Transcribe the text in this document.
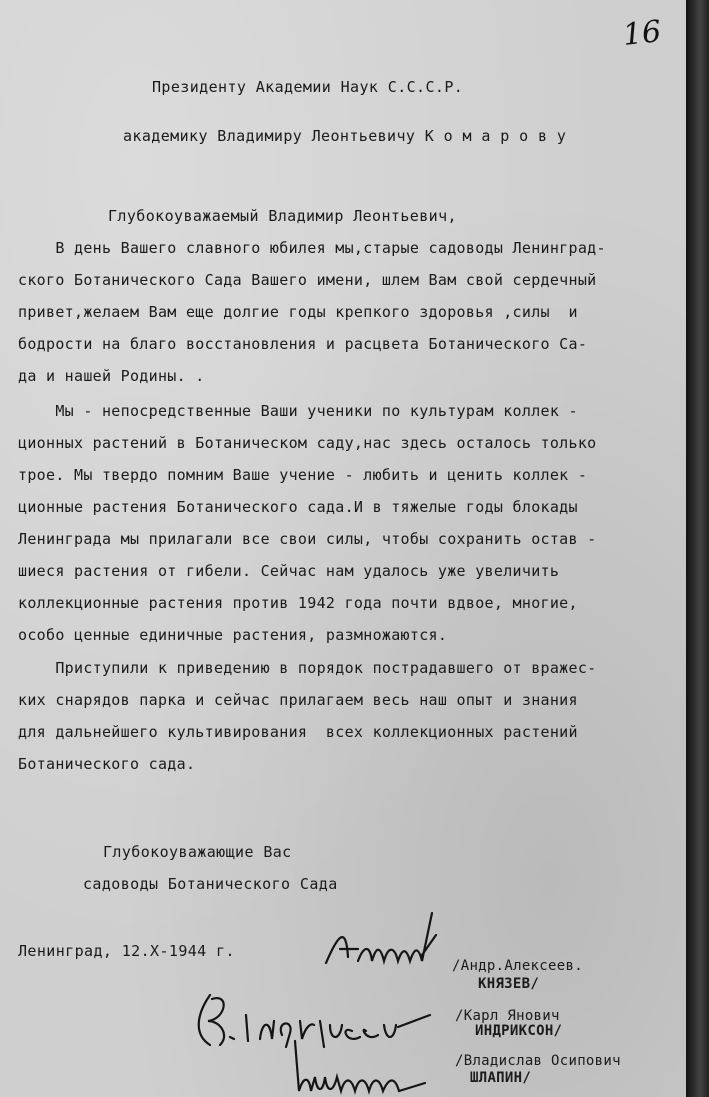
16
Президенту Академии Наук С.С.С.Р.
академику Владимиру Леонтьевичу К о м а р о в у
Глубокоуважаемый Владимир Леонтьевич,
В день Вашего славного юбилея мы,старые садоводы Ленинград-
ского Ботанического Сада Вашего имени, шлем Вам свой сердечный
привет,желаем Вам еще долгие годы крепкого здоровья ,силы  и
бодрости на благо восстановления и расцвета Ботанического Са-
да и нашей Родины. .
Мы - непосредственные Ваши ученики по культурам коллек -
ционных растений в Ботаническом саду,нас здесь осталось только
трое. Мы твердо помним Ваше учение - любить и ценить коллек -
ционные растения Ботанического сада.И в тяжелые годы блокады
Ленинграда мы прилагали все свои силы, чтобы сохранить остав -
шиеся растения от гибели. Сейчас нам удалось уже увеличить
коллекционные растения против 1942 года почти вдвое, многие,
особо ценные единичные растения, размножаются.
Приступили к приведению в порядок пострадавшего от вражес-
ких снарядов парка и сейчас прилагаем весь наш опыт и знания
для дальнейшего культивирования  всех коллекционных растений
Ботанического сада.
Глубокоуважающие Вас
садоводы Ботанического Сада
Ленинград, 12.X-1944 г.
/Андр.Алексеев.
КНЯЗЕВ/
/Карл Янович
ИНДРИКСОН/
/Владислав Осипович
ШЛАПИН/
